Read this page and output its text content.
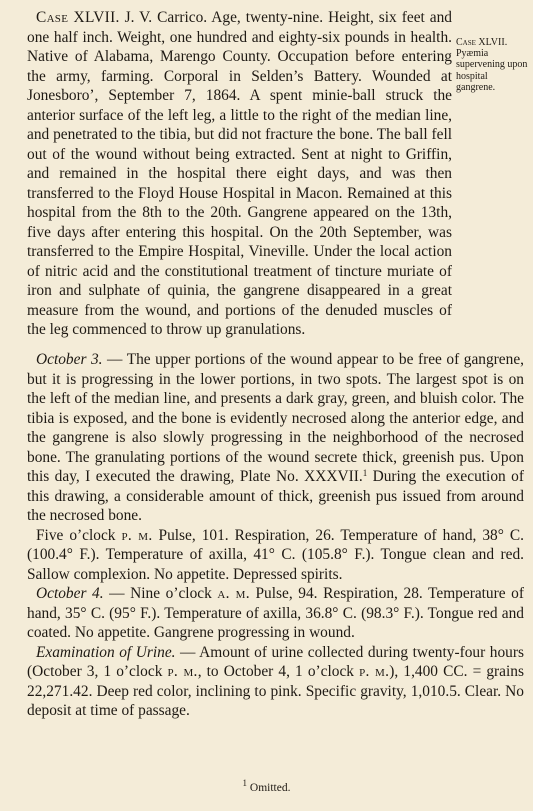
Case XLVII. J. V. Carrico. Age, twenty-nine. Height, six feet and one half inch. Weight, one hundred and eighty-six pounds in health. Native of Alabama, Marengo County. Occupation before entering the army, farming. Corporal in Selden’s Battery. Wounded at Jonesboro’, September 7, 1864. A spent minie-ball struck the anterior surface of the left leg, a little to the right of the median line, and penetrated to the tibia, but did not fracture the bone. The ball fell out of the wound without being extracted. Sent at night to Griffin, and remained in the hospital there eight days, and was then transferred to the Floyd House Hospital in Macon. Remained at this hospital from the 8th to the 20th. Gangrene appeared on the 13th, five days after entering this hospital. On the 20th September, was transferred to the Empire Hospital, Vineville. Under the local action of nitric acid and the constitutional treatment of tincture muriate of iron and sulphate of quinia, the gangrene disappeared in a great measure from the wound, and portions of the denuded muscles of the leg commenced to throw up granulations.

Case XLVII.
Pyæmia supervening upon hospital gangrene.

October 3. — The upper portions of the wound appear to be free of gangrene, but it is progressing in the lower portions, in two spots. The largest spot is on the left of the median line, and presents a dark gray, green, and bluish color. The tibia is exposed, and the bone is evidently necrosed along the anterior edge, and the gangrene is also slowly progressing in the neighborhood of the necrosed bone. The granulating portions of the wound secrete thick, greenish pus. Upon this day, I executed the drawing, Plate No. XXXVII.$^1$ During the execution of this drawing, a considerable amount of thick, greenish pus issued from around the necrosed bone.

Five o’clock p. m. Pulse, 101. Respiration, 26. Temperature of hand, 38° C. (100.4° F.). Temperature of axilla, 41° C. (105.8° F.). Tongue clean and red. Sallow complexion. No appetite. Depressed spirits.

October 4. — Nine o’clock a. m. Pulse, 94. Respiration, 28. Temperature of hand, 35° C. (95° F.). Temperature of axilla, 36.8° C. (98.3° F.). Tongue red and coated. No appetite. Gangrene progressing in wound.

Examination of Urine. — Amount of urine collected during twenty-four hours (October 3, 1 o’clock p. m., to October 4, 1 o’clock p. m.), 1,400 CC. = grains 22,271.42. Deep red color, inclining to pink. Specific gravity, 1,010.5. Clear. No deposit at time of passage.

$^1$ Omitted.
